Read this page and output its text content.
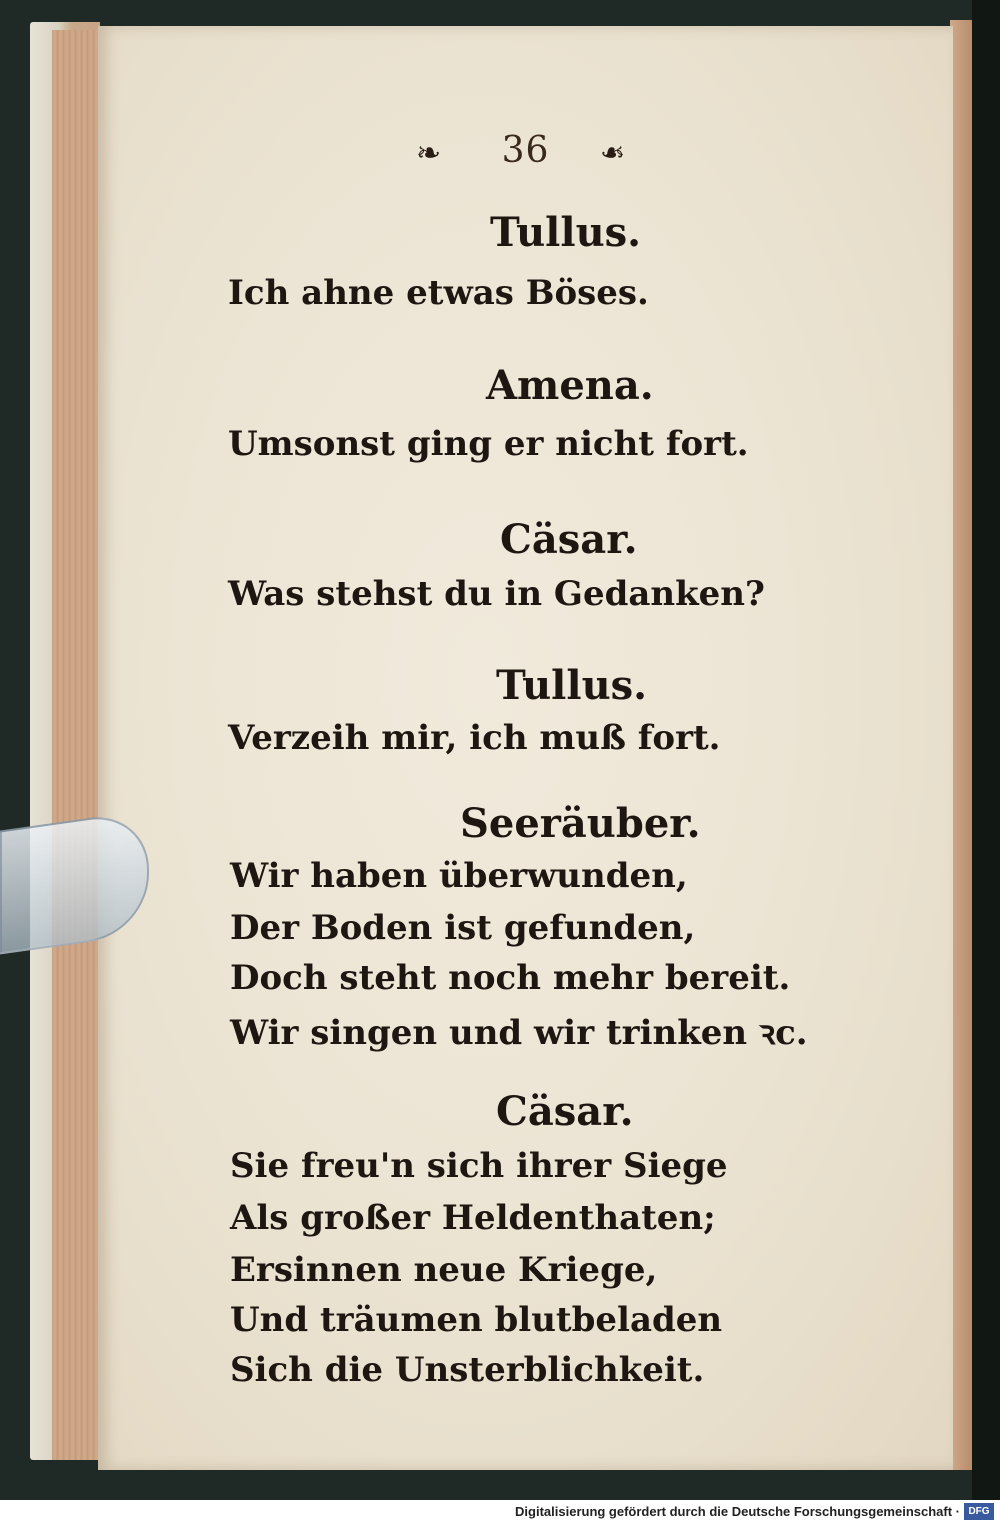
❧	36	❧
Tullus.
Ich ahne etwas Böses.
Amena.
Umsonst ging er nicht fort.
Cäsar.
Was stehst du in Gedanken?
Tullus.
Verzeih mir, ich muß fort.
Seeräuber.
Wir haben überwunden,
Der Boden ist gefunden,
Doch steht noch mehr bereit.
Wir singen und wir trinken ꝛc.
Cäsar.
Sie freu'n sich ihrer Siege
Als großer Heldenthaten;
Ersinnen neue Kriege,
Und träumen blutbeladen
Sich die Unsterblichkeit.
Digitalisierung gefördert durch die Deutsche Forschungsgemeinschaft · DFG
